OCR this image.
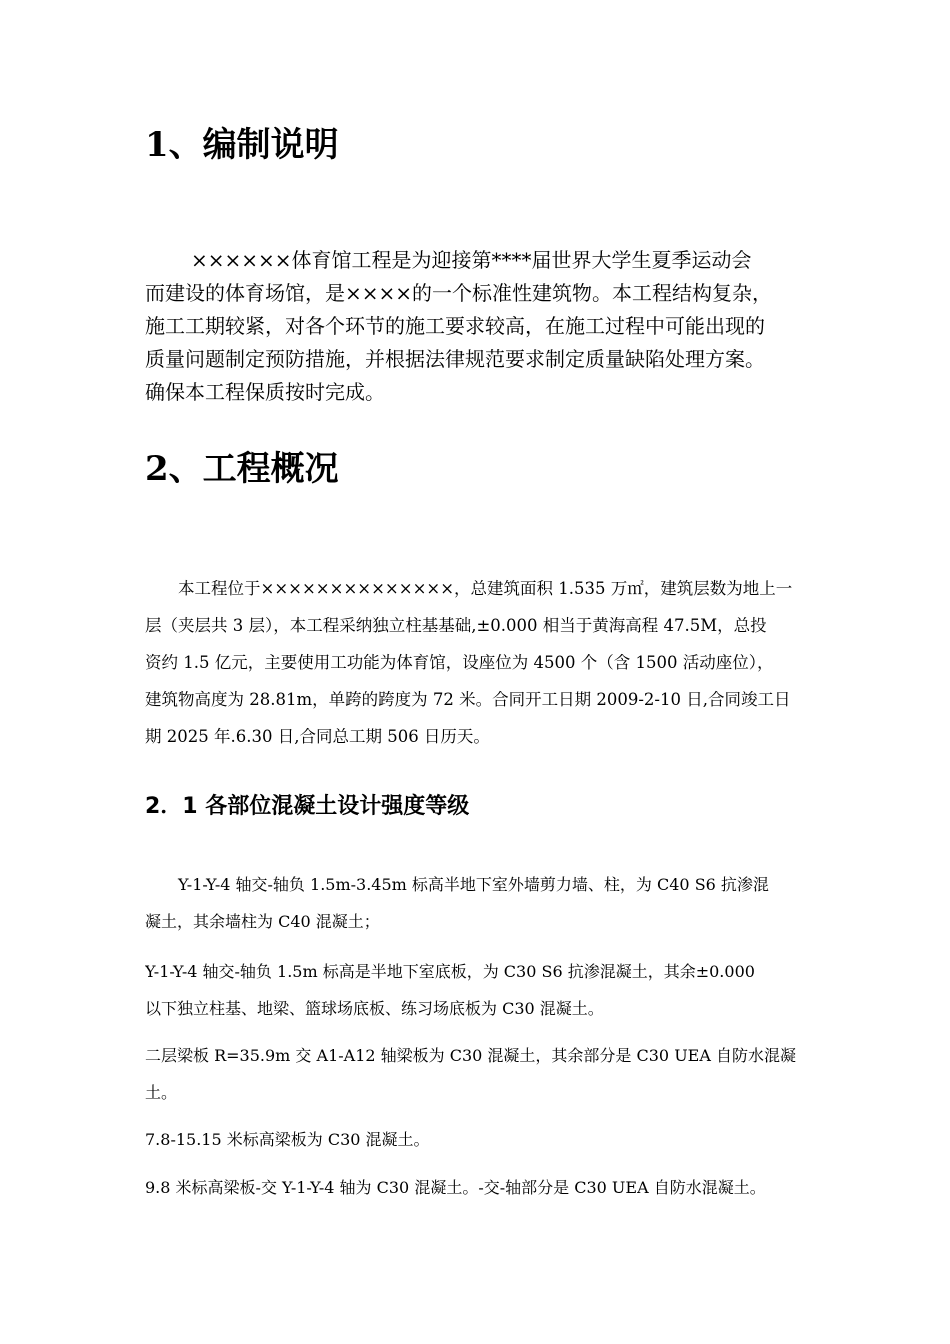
1、编制说明
××××××体育馆工程是为迎接第****届世界大学生夏季运动会
而建设的体育场馆，是××××的一个标准性建筑物。本工程结构复杂，
施工工期较紧，对各个环节的施工要求较高，在施工过程中可能出现的
质量问题制定预防措施，并根据法律规范要求制定质量缺陷处理方案。
确保本工程保质按时完成。
2、工程概况
本工程位于××××××××××××××，总建筑面积 1.535 万㎡，建筑层数为地上一
层（夹层共 3 层），本工程采纳独立柱基基础,±0.000 相当于黄海高程 47.5M，总投
资约 1.5 亿元，主要使用工功能为体育馆，设座位为 4500 个（含 1500 活动座位），
建筑物高度为 28.81m，单跨的跨度为 72 米。合同开工日期 2009-2-10 日,合同竣工日
期 2025 年.6.30 日,合同总工期 506 日历天。
2．1 各部位混凝土设计强度等级
Y-1-Y-4 轴交-轴负 1.5m-3.45m 标高半地下室外墙剪力墙、柱，为 C40 S6 抗渗混
凝土，其余墙柱为 C40 混凝土；
Y-1-Y-4 轴交-轴负 1.5m 标高是半地下室底板，为 C30 S6 抗渗混凝土，其余±0.000
以下独立柱基、地梁、篮球场底板、练习场底板为 C30 混凝土。
二层梁板 R=35.9m 交 A1-A12 轴梁板为 C30 混凝土，其余部分是 C30 UEA 自防水混凝
土。
7.8-15.15 米标高梁板为 C30 混凝土。
9.8 米标高梁板-交 Y-1-Y-4 轴为 C30 混凝土。-交-轴部分是 C30 UEA 自防水混凝土。
